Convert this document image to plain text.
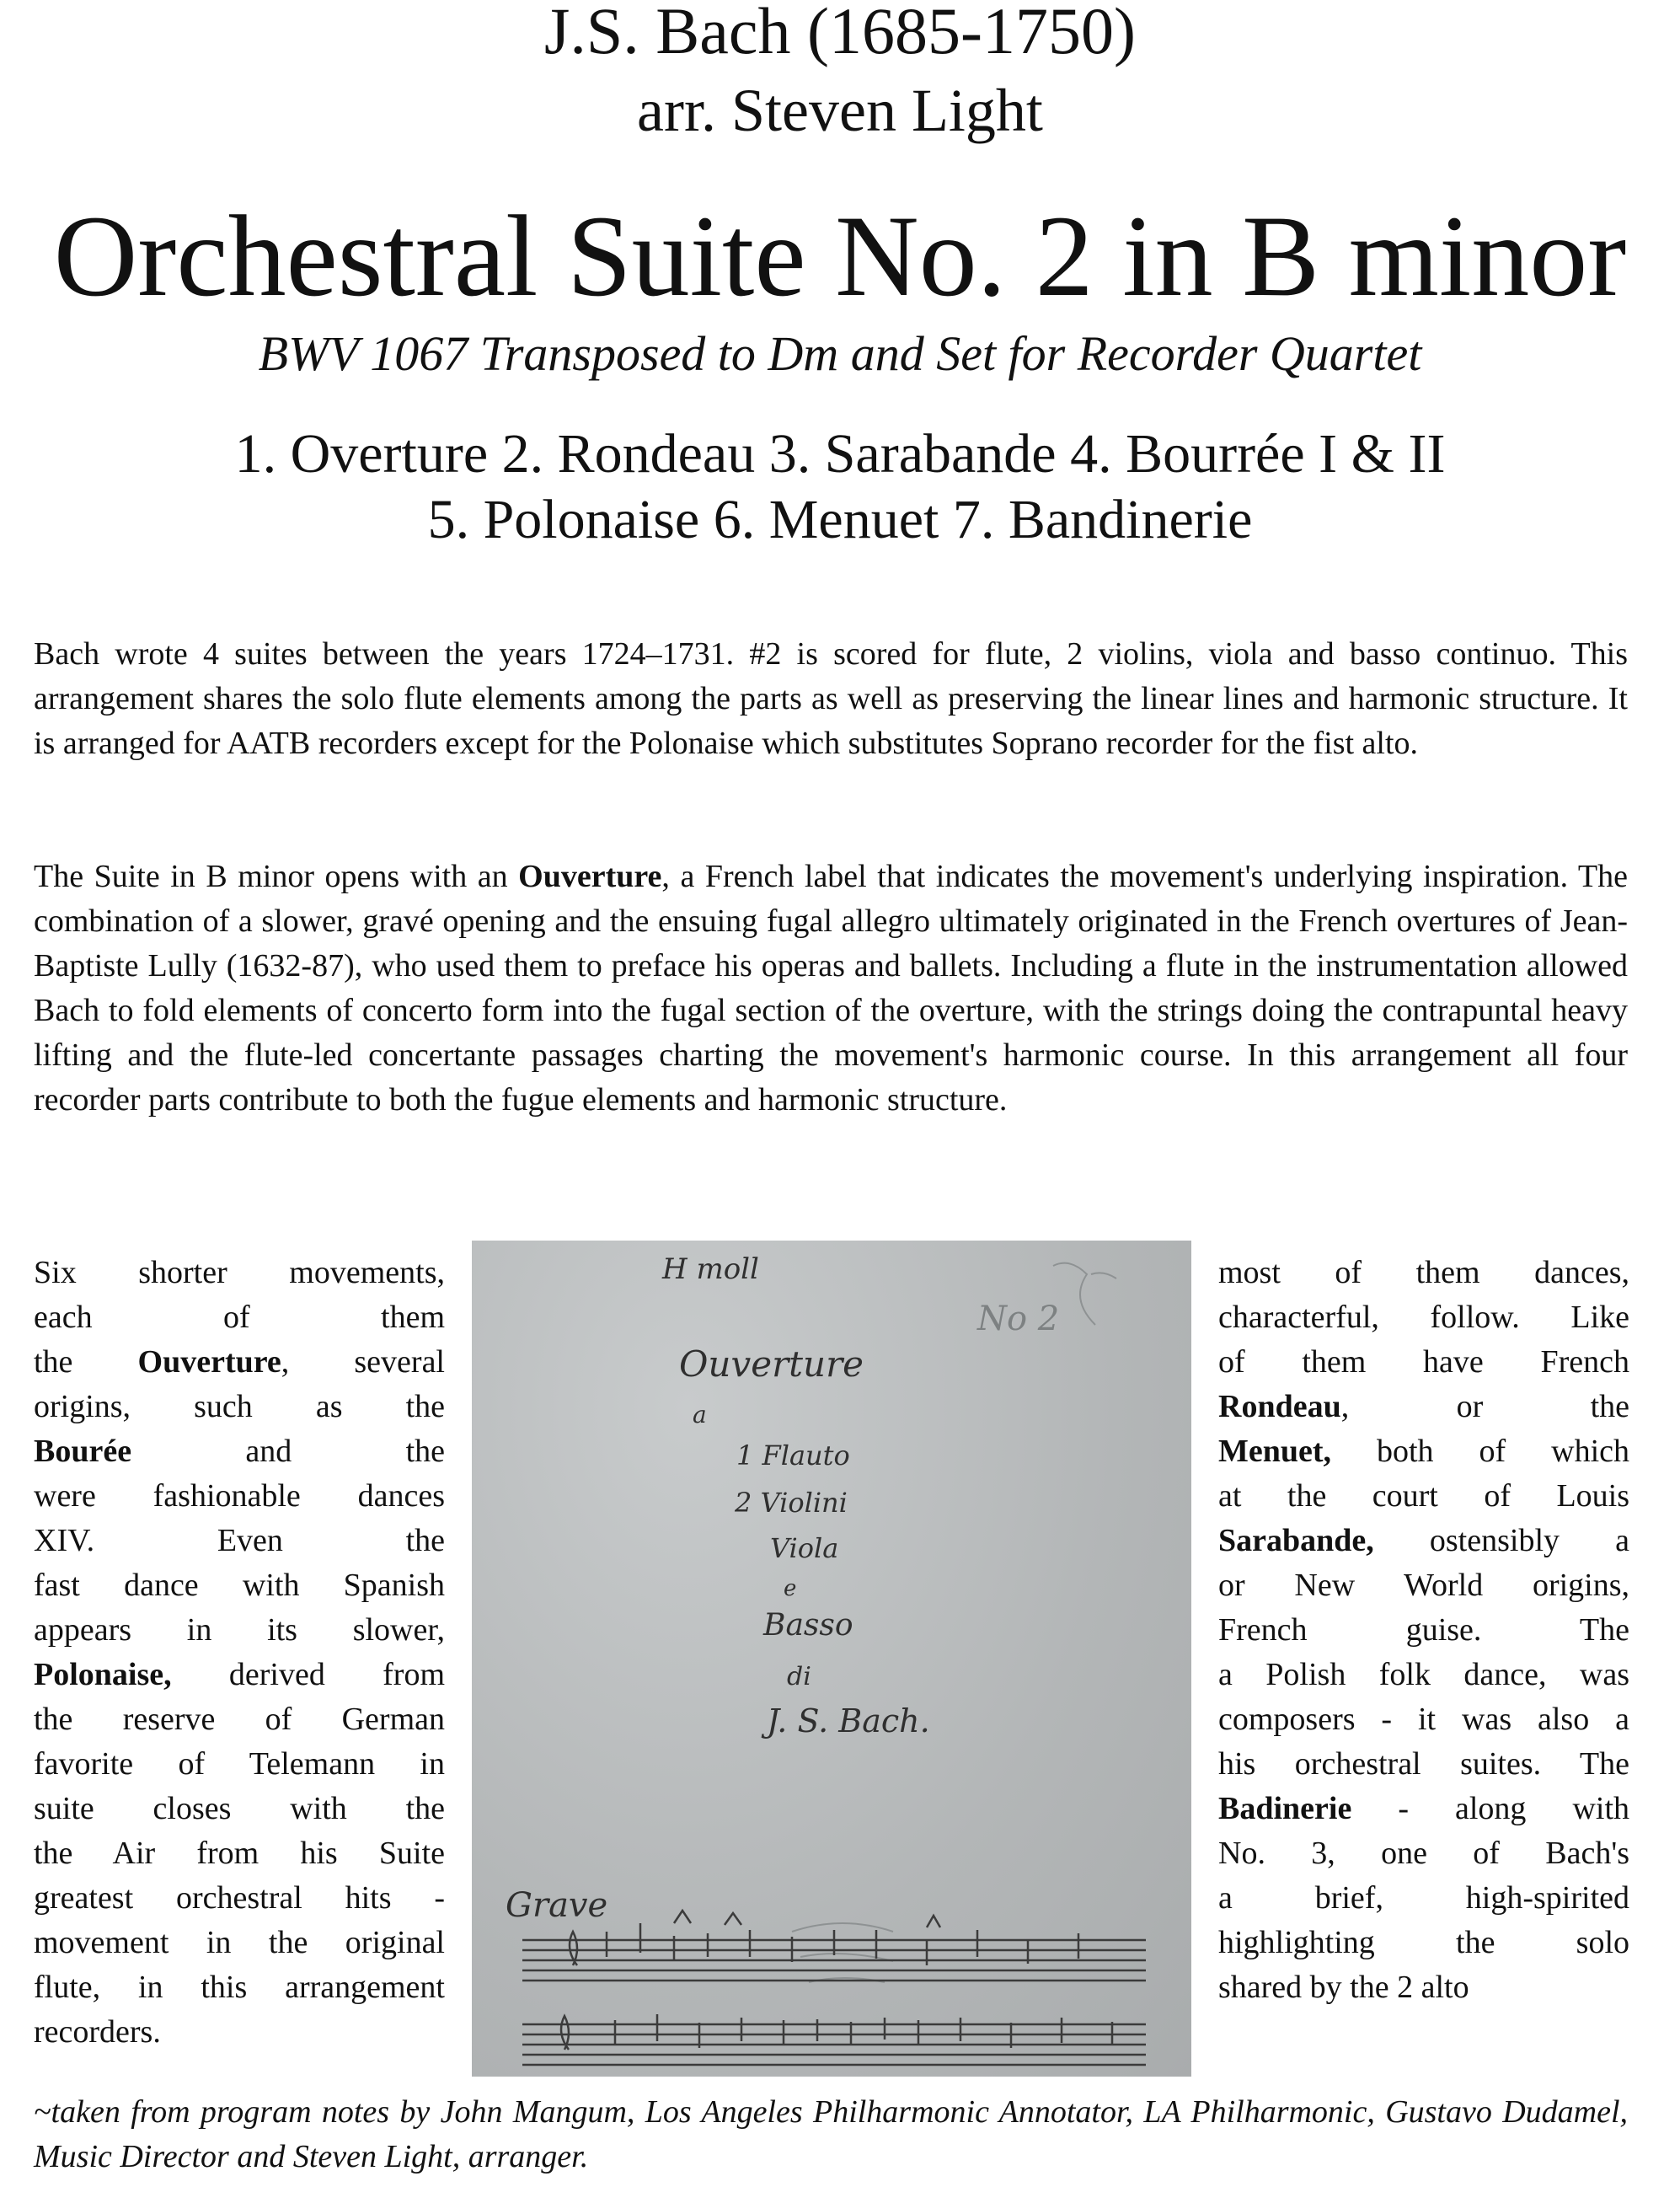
J.S. Bach (1685-1750)
arr. Steven Light
Orchestral Suite No. 2 in B minor
BWV 1067 Transposed to Dm and Set for Recorder Quartet
1. Overture 2. Rondeau 3. Sarabande 4. Bourrée I & II
5. Polonaise 6. Menuet 7. Bandinerie
Bach wrote 4 suites between the years 1724–1731. #2 is scored for flute, 2 violins, viola and basso continuo. This arrangement shares the solo flute elements among the parts as well as preserving the linear lines and harmonic structure. It is arranged for AATB recorders except for the Polonaise which substitutes Soprano recorder for the fist alto.
The Suite in B minor opens with an Ouverture, a French label that indicates the movement's underlying inspiration. The combination of a slower, gravé opening and the ensuing fugal allegro ultimately originated in the French overtures of Jean-Baptiste Lully (1632-87), who used them to preface his operas and ballets. Including a flute in the instrumentation allowed Bach to fold elements of concerto form into the fugal section of the overture, with the strings doing the contrapuntal heavy lifting and the flute-led concertante passages charting the movement's harmonic course. In this arrangement all four recorder parts contribute to both the fugue elements and harmonic structure.
Six shorter movements,
each of them
the Ouverture, several
origins, such as the
Bourée and the
were fashionable dances
XIV. Even the
fast dance with Spanish
appears in its slower,
Polonaise, derived from
the reserve of German
favorite of Telemann in
suite closes with the
the Air from his Suite
greatest orchestral hits -
movement in the original
flute, in this arrangement
recorders.
most of them dances,
characterful, follow. Like
of them have French
Rondeau, or the
Menuet, both of which
at the court of Louis
Sarabande, ostensibly a
or New World origins,
French guise. The
a Polish folk dance, was
composers - it was also a
his orchestral suites. The
Badinerie - along with
No. 3, one of Bach's
a brief, high-spirited
highlighting the solo
shared by the 2 alto
H moll
No 2
Ouverture
a
1 Flauto
2 Violini
Viola
e
Basso
di
J. S. Bach.
Grave
~taken from program notes by John Mangum, Los Angeles Philharmonic Annotator, LA Philharmonic, Gustavo Dudamel, Music Director and Steven Light, arranger.
